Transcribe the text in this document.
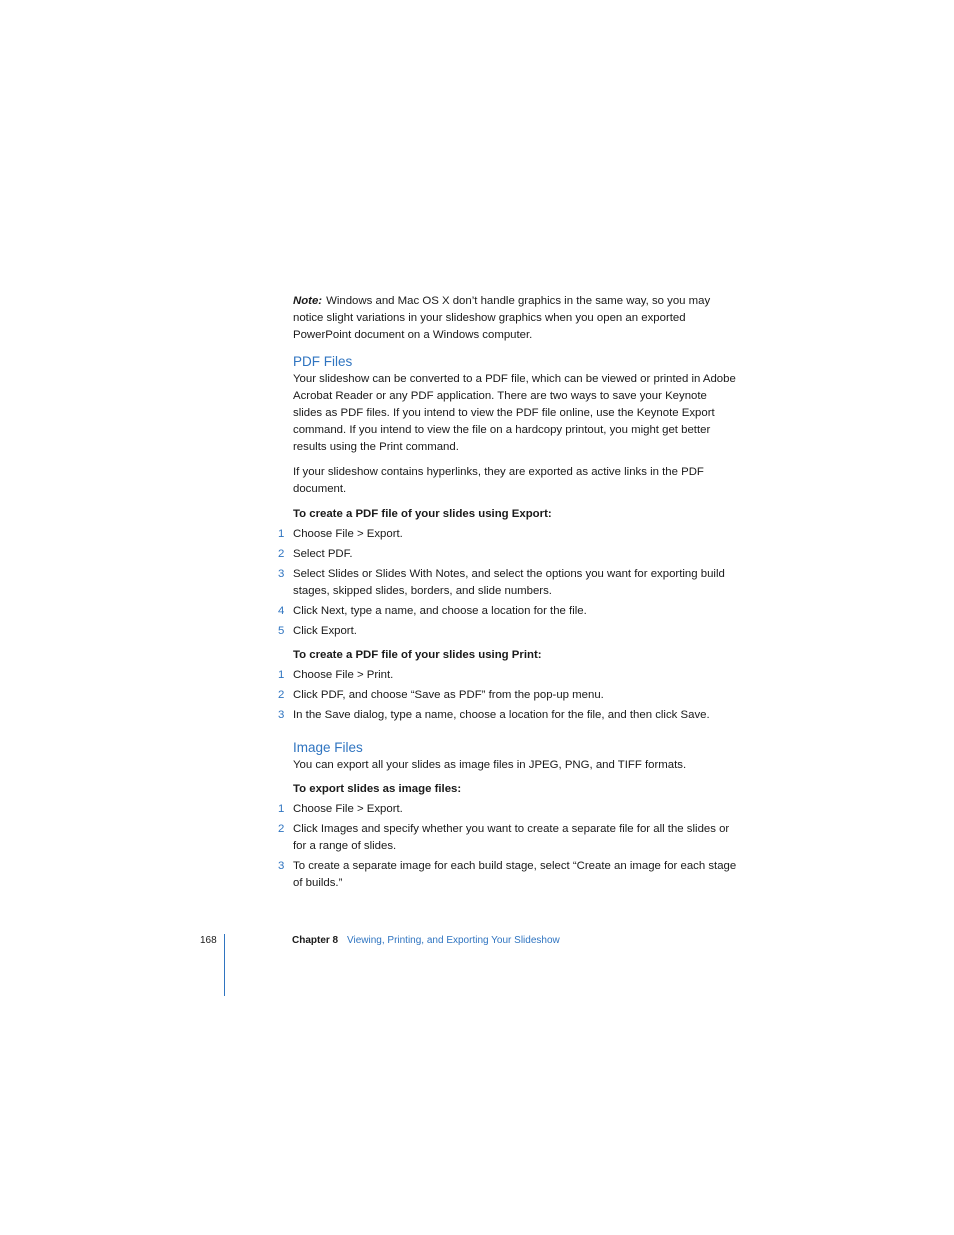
Note: Windows and Mac OS X don’t handle graphics in the same way, so you may notice slight variations in your slideshow graphics when you open an exported PowerPoint document on a Windows computer.

PDF Files

Your slideshow can be converted to a PDF file, which can be viewed or printed in Adobe Acrobat Reader or any PDF application. There are two ways to save your Keynote slides as PDF files. If you intend to view the PDF file online, use the Keynote Export command. If you intend to view the file on a hardcopy printout, you might get better results using the Print command.

If your slideshow contains hyperlinks, they are exported as active links in the PDF document.

To create a PDF file of your slides using Export:

1 Choose File > Export.
2 Select PDF.
3 Select Slides or Slides With Notes, and select the options you want for exporting build stages, skipped slides, borders, and slide numbers.
4 Click Next, type a name, and choose a location for the file.
5 Click Export.

To create a PDF file of your slides using Print:

1 Choose File > Print.
2 Click PDF, and choose “Save as PDF” from the pop-up menu.
3 In the Save dialog, type a name, choose a location for the file, and then click Save.
Image Files

You can export all your slides as image files in JPEG, PNG, and TIFF formats.

To export slides as image files:

1 Choose File > Export.
2 Click Images and specify whether you want to create a separate file for all the slides or for a range of slides.
3 To create a separate image for each build stage, select “Create an image for each stage of builds.”
168	Chapter 8 Viewing, Printing, and Exporting Your Slideshow
